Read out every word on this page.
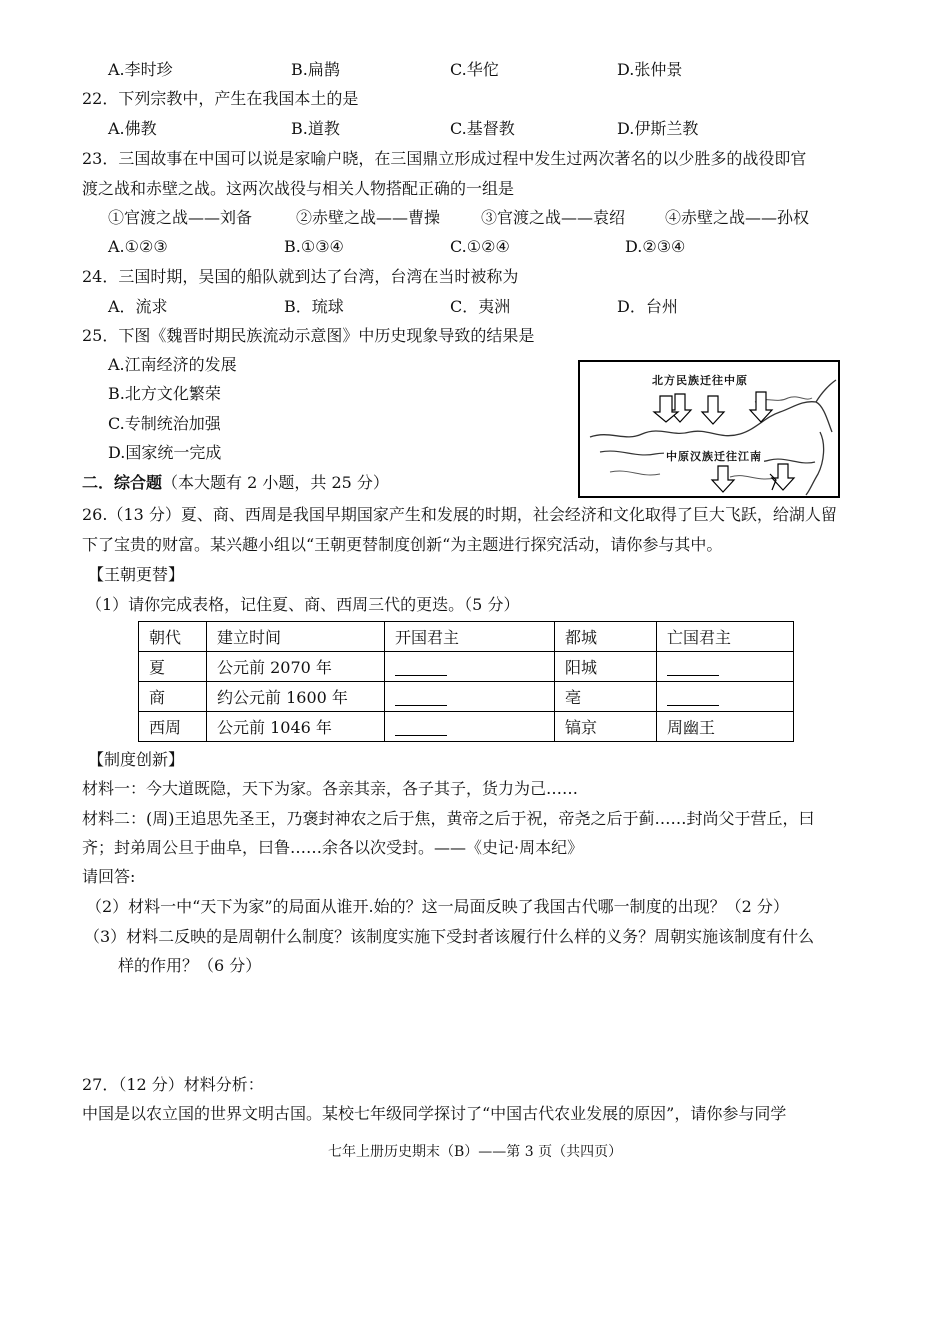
A.李时珍	B.扁鹊	C.华佗	D.张仲景
22．下列宗教中，产生在我国本土的是
A.佛教	B.道教	C.基督教	D.伊斯兰教
23．三国故事在中国可以说是家喻户晓，在三国鼎立形成过程中发生过两次著名的以少胜多的战役即官
渡之战和赤壁之战。这两次战役与相关人物搭配正确的一组是
①官渡之战——刘备	②赤壁之战——曹操	③官渡之战——袁绍 ④赤壁之战——孙权
A.①②③	B.①③④	C.①②④	D.②③④
24．三国时期，吴国的船队就到达了台湾，台湾在当时被称为
A．流求	B．琉球	C．夷洲	D．台州
25．下图《魏晋时期民族流动示意图》中历史现象导致的结果是
A.江南经济的发展
B.北方文化繁荣
C.专制统治加强
D.国家统一完成
北方民族迁往中原
中原汉族迁往江南
二．综合题（本大题有 2 小题，共 25 分）
26.（13 分）夏、商、西周是我国早期国家产生和发展的时期，社会经济和文化取得了巨大飞跃，给湖人留
下了宝贵的财富。某兴趣小组以“王朝更替制度创新“为主题进行探究活动，请你参与其中。
【王朝更替】
（1）请你完成表格，记住夏、商、西周三代的更迭。（5 分）
朝代	建立时间	开国君主	都城	亡国君主
夏	公元前 2070 年		阳城	
商	约公元前 1600 年		亳	
西周	公元前 1046 年		镐京	周幽王
【制度创新】
材料一：今大道既隐，天下为家。各亲其亲，各子其子，货力为己……
材料二：(周)王追思先圣王，乃褒封神农之后于焦，黄帝之后于祝，帝尧之后于蓟……封尚父于营丘，曰
齐；封弟周公旦于曲阜，曰鲁……余各以次受封。——《史记·周本纪》
请回答:
（2）材料一中“天下为家”的局面从谁开.始的？这一局面反映了我国古代哪一制度的出现？（2 分）
（3）材料二反映的是周朝什么制度？该制度实施下受封者该履行什么样的义务？周朝实施该制度有什么
样的作用？（6 分）
27．（12 分）材料分析：
中国是以农立国的世界文明古国。某校七年级同学探讨了“中国古代农业发展的原因”，请你参与同学
七年上册历史期末（B）——第 3 页（共四页）
